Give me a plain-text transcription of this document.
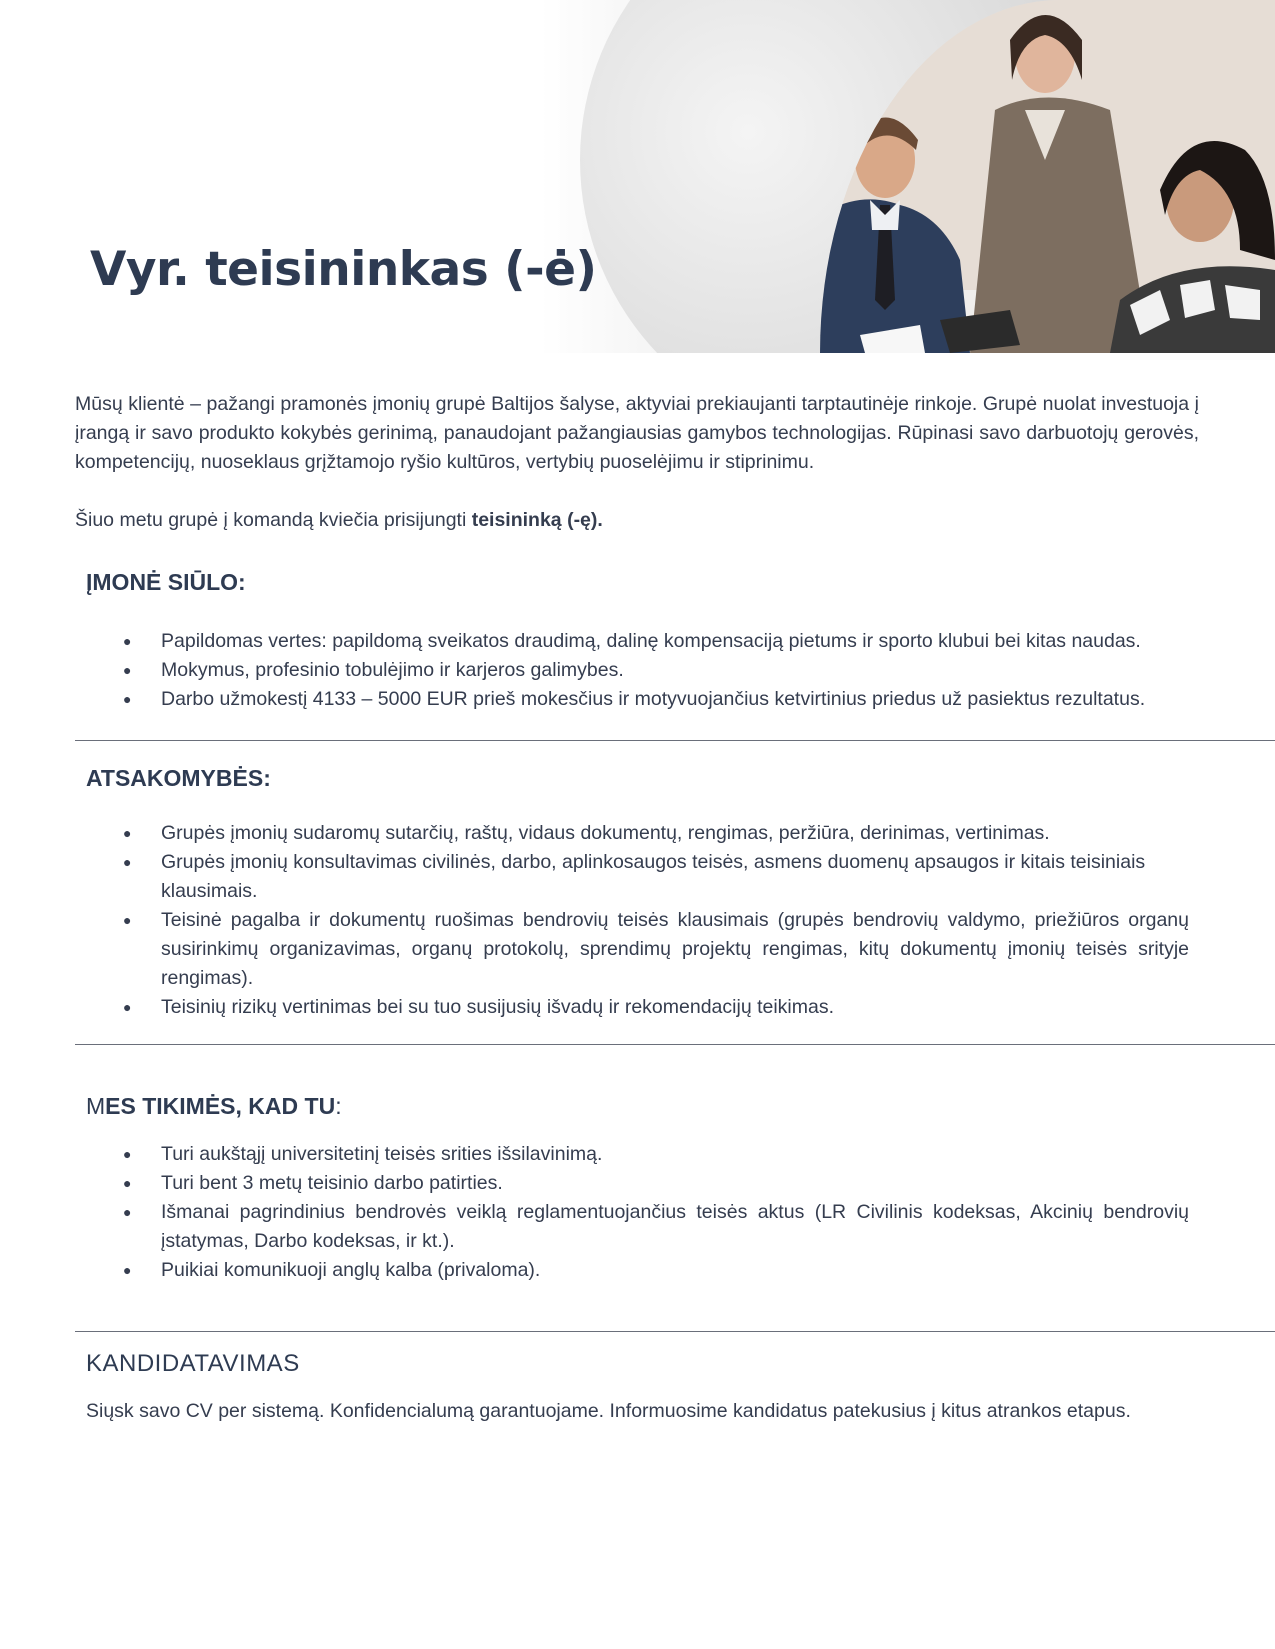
Vyr. teisininkas (-ė)

Mūsų klientė – pažangi pramonės įmonių grupė Baltijos šalyse, aktyviai prekiaujanti tarptautinėje rinkoje. Grupė nuolat investuoja į įrangą ir savo produkto kokybės gerinimą, panaudojant pažangiausias gamybos technologijas. Rūpinasi savo darbuotojų gerovės, kompetencijų, nuoseklaus grįžtamojo ryšio kultūros, vertybių puoselėjimu ir stiprinimu.

Šiuo metu grupė į komandą kviečia prisijungti teisininką (-ę).

ĮMONĖ SIŪLO:
● Papildomas vertes: papildomą sveikatos draudimą, dalinę kompensaciją pietums ir sporto klubui bei kitas naudas.
● Mokymus, profesinio tobulėjimo ir karjeros galimybes.
● Darbo užmokestį 4133 – 5000 EUR prieš mokesčius ir motyvuojančius ketvirtinius priedus už pasiektus rezultatus.
ATSAKOMYBĖS:
● Grupės įmonių sudaromų sutarčių, raštų, vidaus dokumentų, rengimas, peržiūra, derinimas, vertinimas.
● Grupės įmonių konsultavimas civilinės, darbo, aplinkosaugos teisės, asmens duomenų apsaugos ir kitais teisiniais klausimais.
● Teisinė pagalba ir dokumentų ruošimas bendrovių teisės klausimais (grupės bendrovių valdymo, priežiūros organų susirinkimų organizavimas, organų protokolų, sprendimų projektų rengimas, kitų dokumentų įmonių teisės srityje rengimas).
● Teisinių rizikų vertinimas bei su tuo susijusių išvadų ir rekomendacijų teikimas.
MES TIKIMĖS, KAD TU:
● Turi aukštąjį universitetinį teisės srities išsilavinimą.
● Turi bent 3 metų teisinio darbo patirties.
● Išmanai pagrindinius bendrovės veiklą reglamentuojančius teisės aktus (LR Civilinis kodeksas, Akcinių bendrovių įstatymas, Darbo kodeksas, ir kt.).
● Puikiai komunikuoji anglų kalba (privaloma).
KANDIDATAVIMAS

Siųsk savo CV per sistemą. Konfidencialumą garantuojame. Informuosime kandidatus patekusius į kitus atrankos etapus.
